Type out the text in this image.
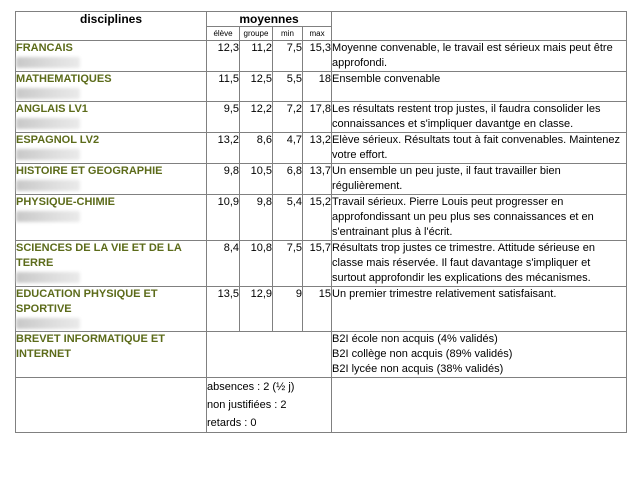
disciplines	moyennes				
	élève	groupe	min	max	

FRANCAIS	12,3	11,2	7,5	15,3	Moyenne convenable, le travail est sérieux mais peut être approfondi.

MATHEMATIQUES	11,5	12,5	5,5	18	Ensemble convenable

ANGLAIS LV1	9,5	12,2	7,2	17,8	Les résultats restent trop justes, il faudra consolider les connaissances et s'impliquer davantge en classe.

ESPAGNOL LV2	13,2	8,6	4,7	13,2	Elève sérieux. Résultats tout à fait convenables. Maintenez votre effort.

HISTOIRE ET GEOGRAPHIE	9,8	10,5	6,8	13,7	Un ensemble un peu juste, il faut travailler bien régulièrement.

PHYSIQUE-CHIMIE	10,9	9,8	5,4	15,2	Travail sérieux. Pierre Louis peut progresser en approfondissant un peu plus ses connaissances et en s'entrainant plus à l'écrit.

SCIENCES DE LA VIE ET DE LA TERRE	8,4	10,8	7,5	15,7	Résultats trop justes ce trimestre. Attitude sérieuse en classe mais réservée. Il faut davantage s'impliquer et surtout approfondir les explications des mécanismes.

EDUCATION PHYSIQUE ET SPORTIVE	13,5	12,9	9	15	Un premier trimestre relativement satisfaisant.

BREVET INFORMATIQUE ET INTERNET					B2I école non acquis (4% validés)
B2I collège non acquis (89% validés)
B2I lycée non acquis (38% validés)

	absences : 2 (½ j)
non justifiées : 2
retards : 0				
